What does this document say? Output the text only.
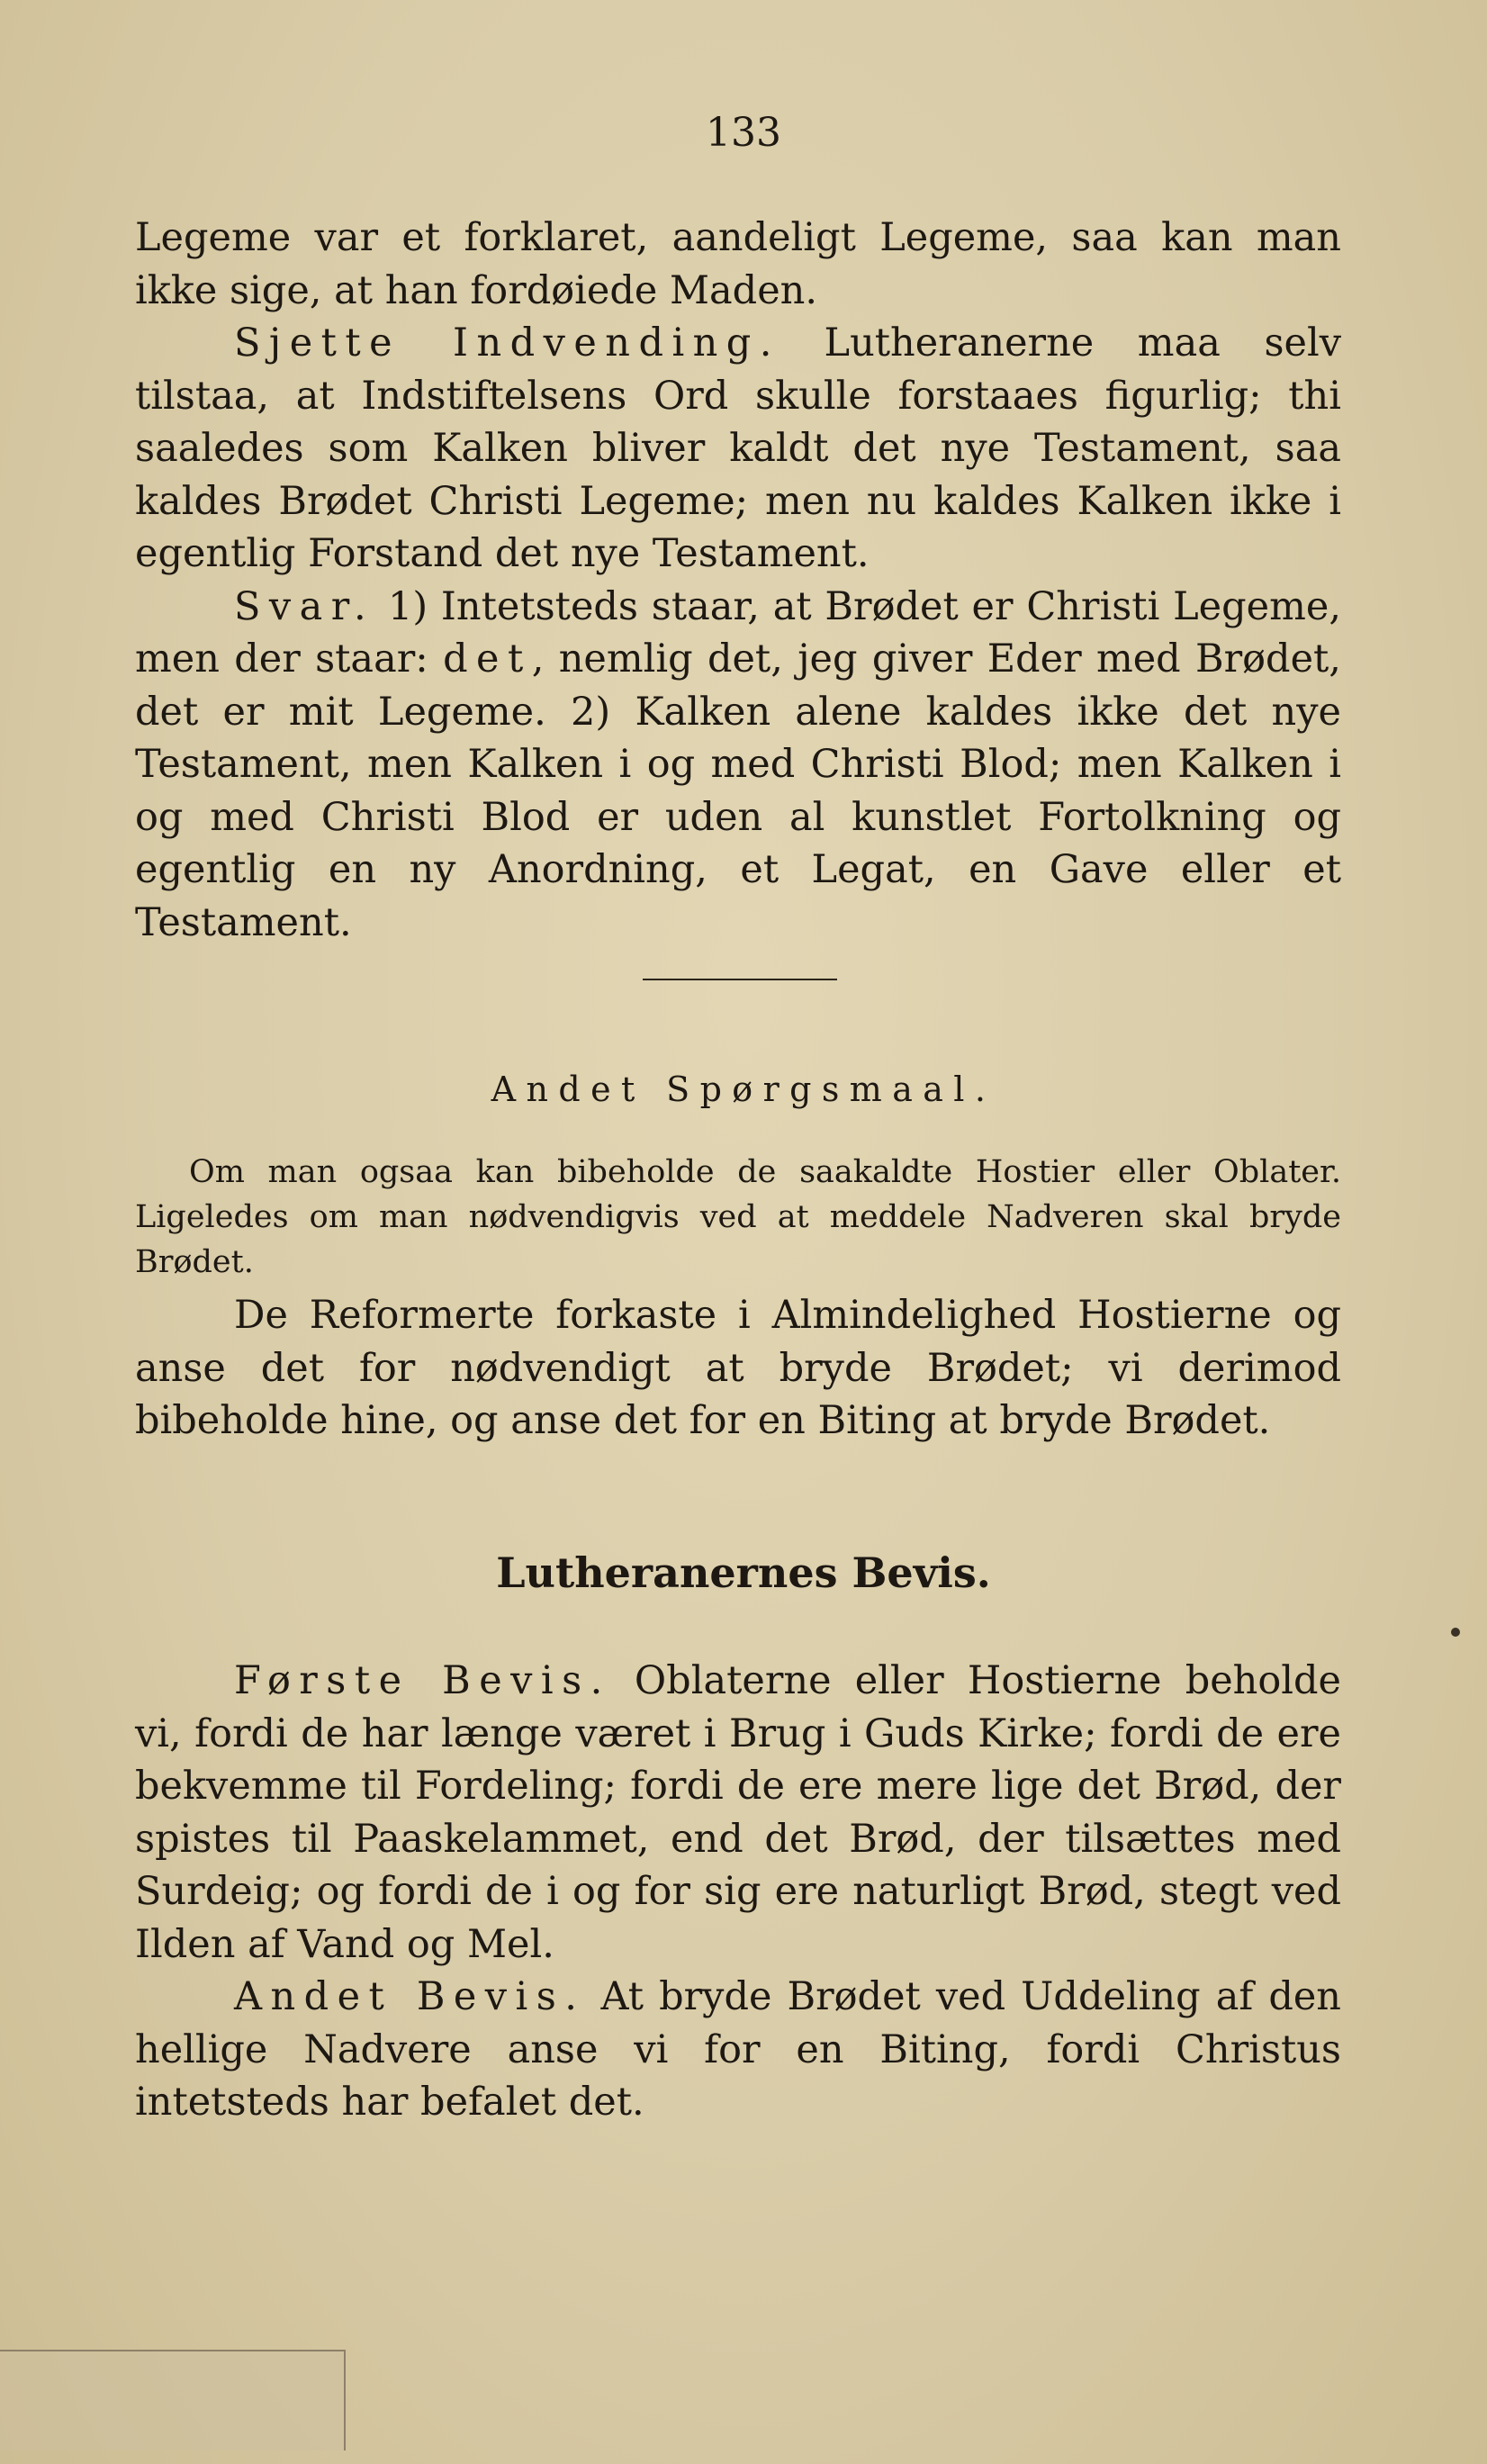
133

Legeme var et forklaret, aandeligt Legeme, saa kan man ikke sige, at han fordøiede Maden.

Sjette Indvending. Lutheranerne maa selv tilstaa, at Indstiftelsens Ord skulle forstaaes figurlig; thi saaledes som Kalken bliver kaldt det nye Testament, saa kaldes Brødet Christi Legeme; men nu kaldes Kalken ikke i egentlig Forstand det nye Testament.

Svar. 1) Intetsteds staar, at Brødet er Christi Legeme, men der staar: det, nemlig det, jeg giver Eder med Brødet, det er mit Legeme. 2) Kalken alene kaldes ikke det nye Testament, men Kalken i og med Christi Blod; men Kalken i og med Christi Blod er uden al kunstlet Fortolkning og egentlig en ny Anordning, et Legat, en Gave eller et Testament.

Andet Spørgsmaal.

Om man ogsaa kan bibeholde de saakaldte Hostier eller Oblater. Ligeledes om man nødvendigvis ved at meddele Nadveren skal bryde Brødet.

De Reformerte forkaste i Almindelighed Hostierne og anse det for nødvendigt at bryde Brødet; vi derimod bibeholde hine, og anse det for en Biting at bryde Brødet.

Lutheranernes Bevis.

Første Bevis. Oblaterne eller Hostierne beholde vi, fordi de har længe været i Brug i Guds Kirke; fordi de ere bekvemme til Fordeling; fordi de ere mere lige det Brød, der spistes til Paaskelammet, end det Brød, der tilsættes med Surdeig; og fordi de i og for sig ere naturligt Brød, stegt ved Ilden af Vand og Mel.

Andet Bevis. At bryde Brødet ved Uddeling af den hellige Nadvere anse vi for en Biting, fordi Christus intetsteds har befalet det.
